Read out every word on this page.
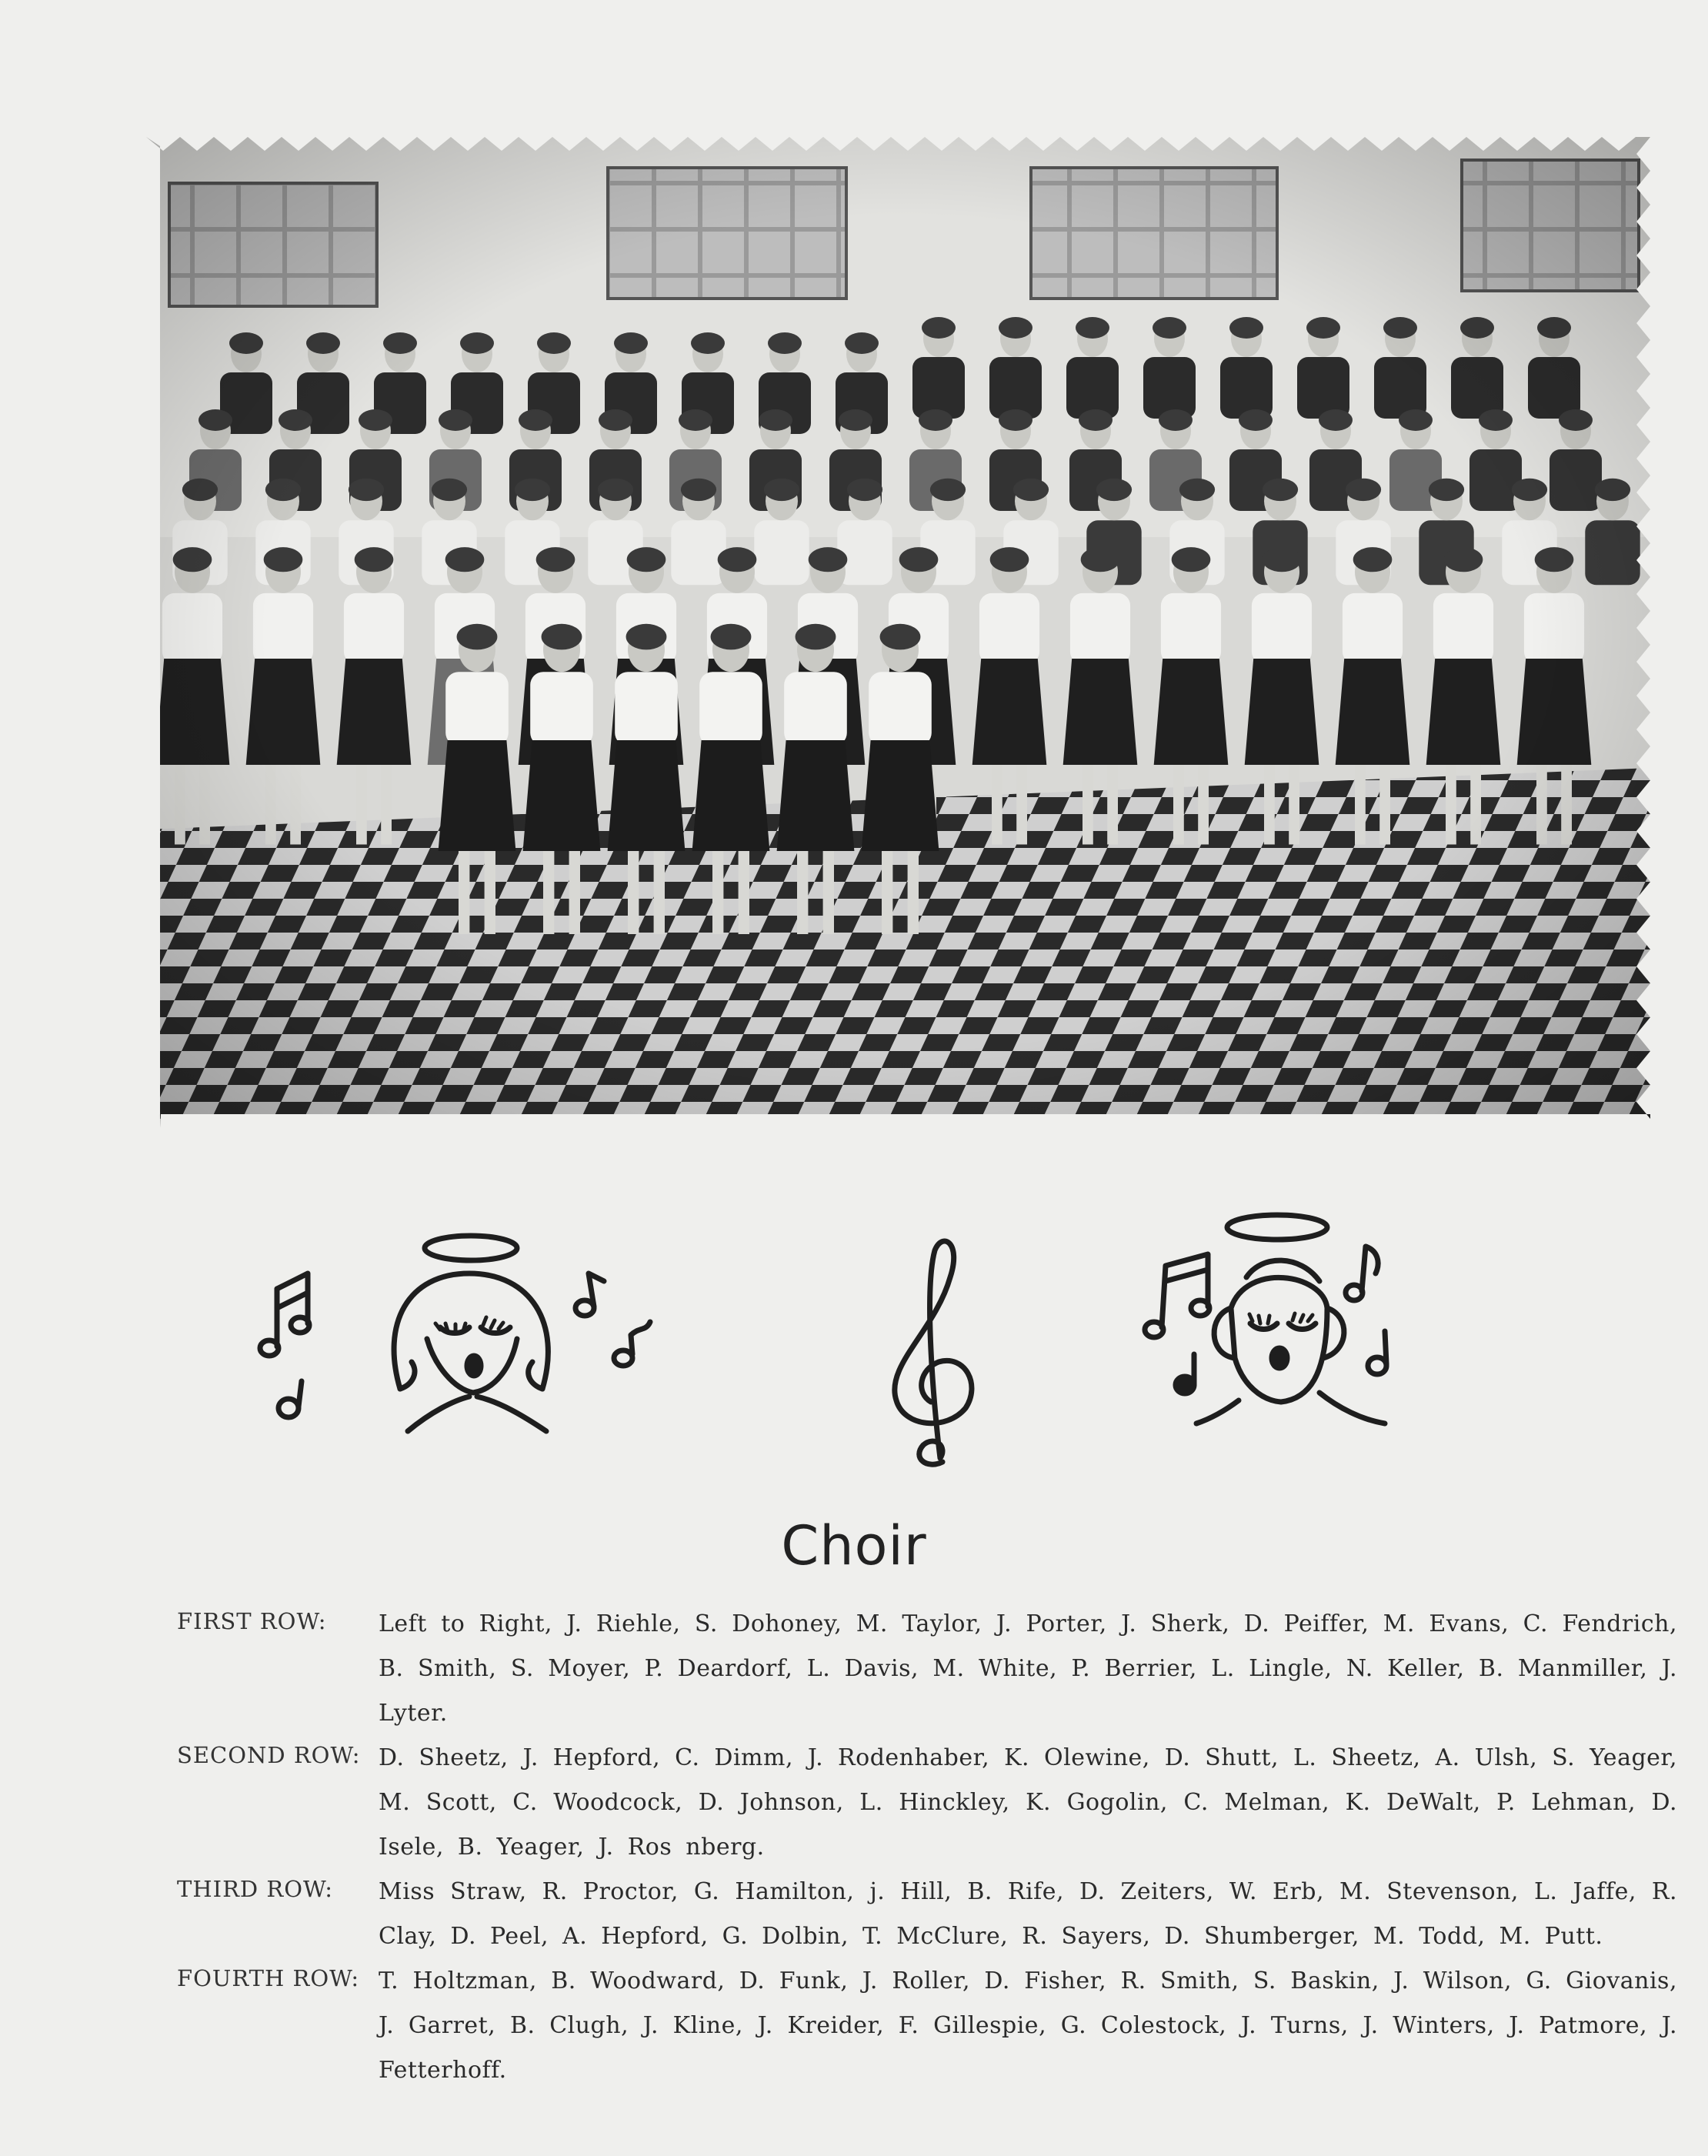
Choir
FIRST ROW:	Left to Right, J. Riehle, S. Dohoney, M. Taylor, J. Porter, J. Sherk, D. Peiffer, M. Evans, C. Fendrich, B. Smith, S. Moyer, P. Deardorf, L. Davis, M. White, P. Berrier, L. Lingle, N. Keller, B. Manmiller, J. Lyter.
SECOND ROW: D. Sheetz, J. Hepford, C. Dimm, J. Rodenhaber, K. Olewine, D. Shutt, L. Sheetz, A. Ulsh, S. Yeager, M. Scott, C. Woodcock, D. Johnson, L. Hinckley, K. Gogolin, C. Melman, K. DeWalt, P. Lehman, D. Isele, B. Yeager, J. Ros nberg.
THIRD ROW:	Miss Straw, R. Proctor, G. Hamilton, j. Hill, B. Rife, D. Zeiters, W. Erb, M. Stevenson, L. Jaffe, R. Clay, D. Peel, A. Hepford, G. Dolbin, T. McClure, R. Sayers, D. Shumberger, M. Todd, M. Putt.
FOURTH ROW: T. Holtzman, B. Woodward, D. Funk, J. Roller, D. Fisher, R. Smith, S. Baskin, J. Wilson, G. Giovanis, J. Garret, B. Clugh, J. Kline, J. Kreider, F. Gillespie, G. Colestock, J. Turns, J. Winters, J. Patmore, J. Fetterhoff.
